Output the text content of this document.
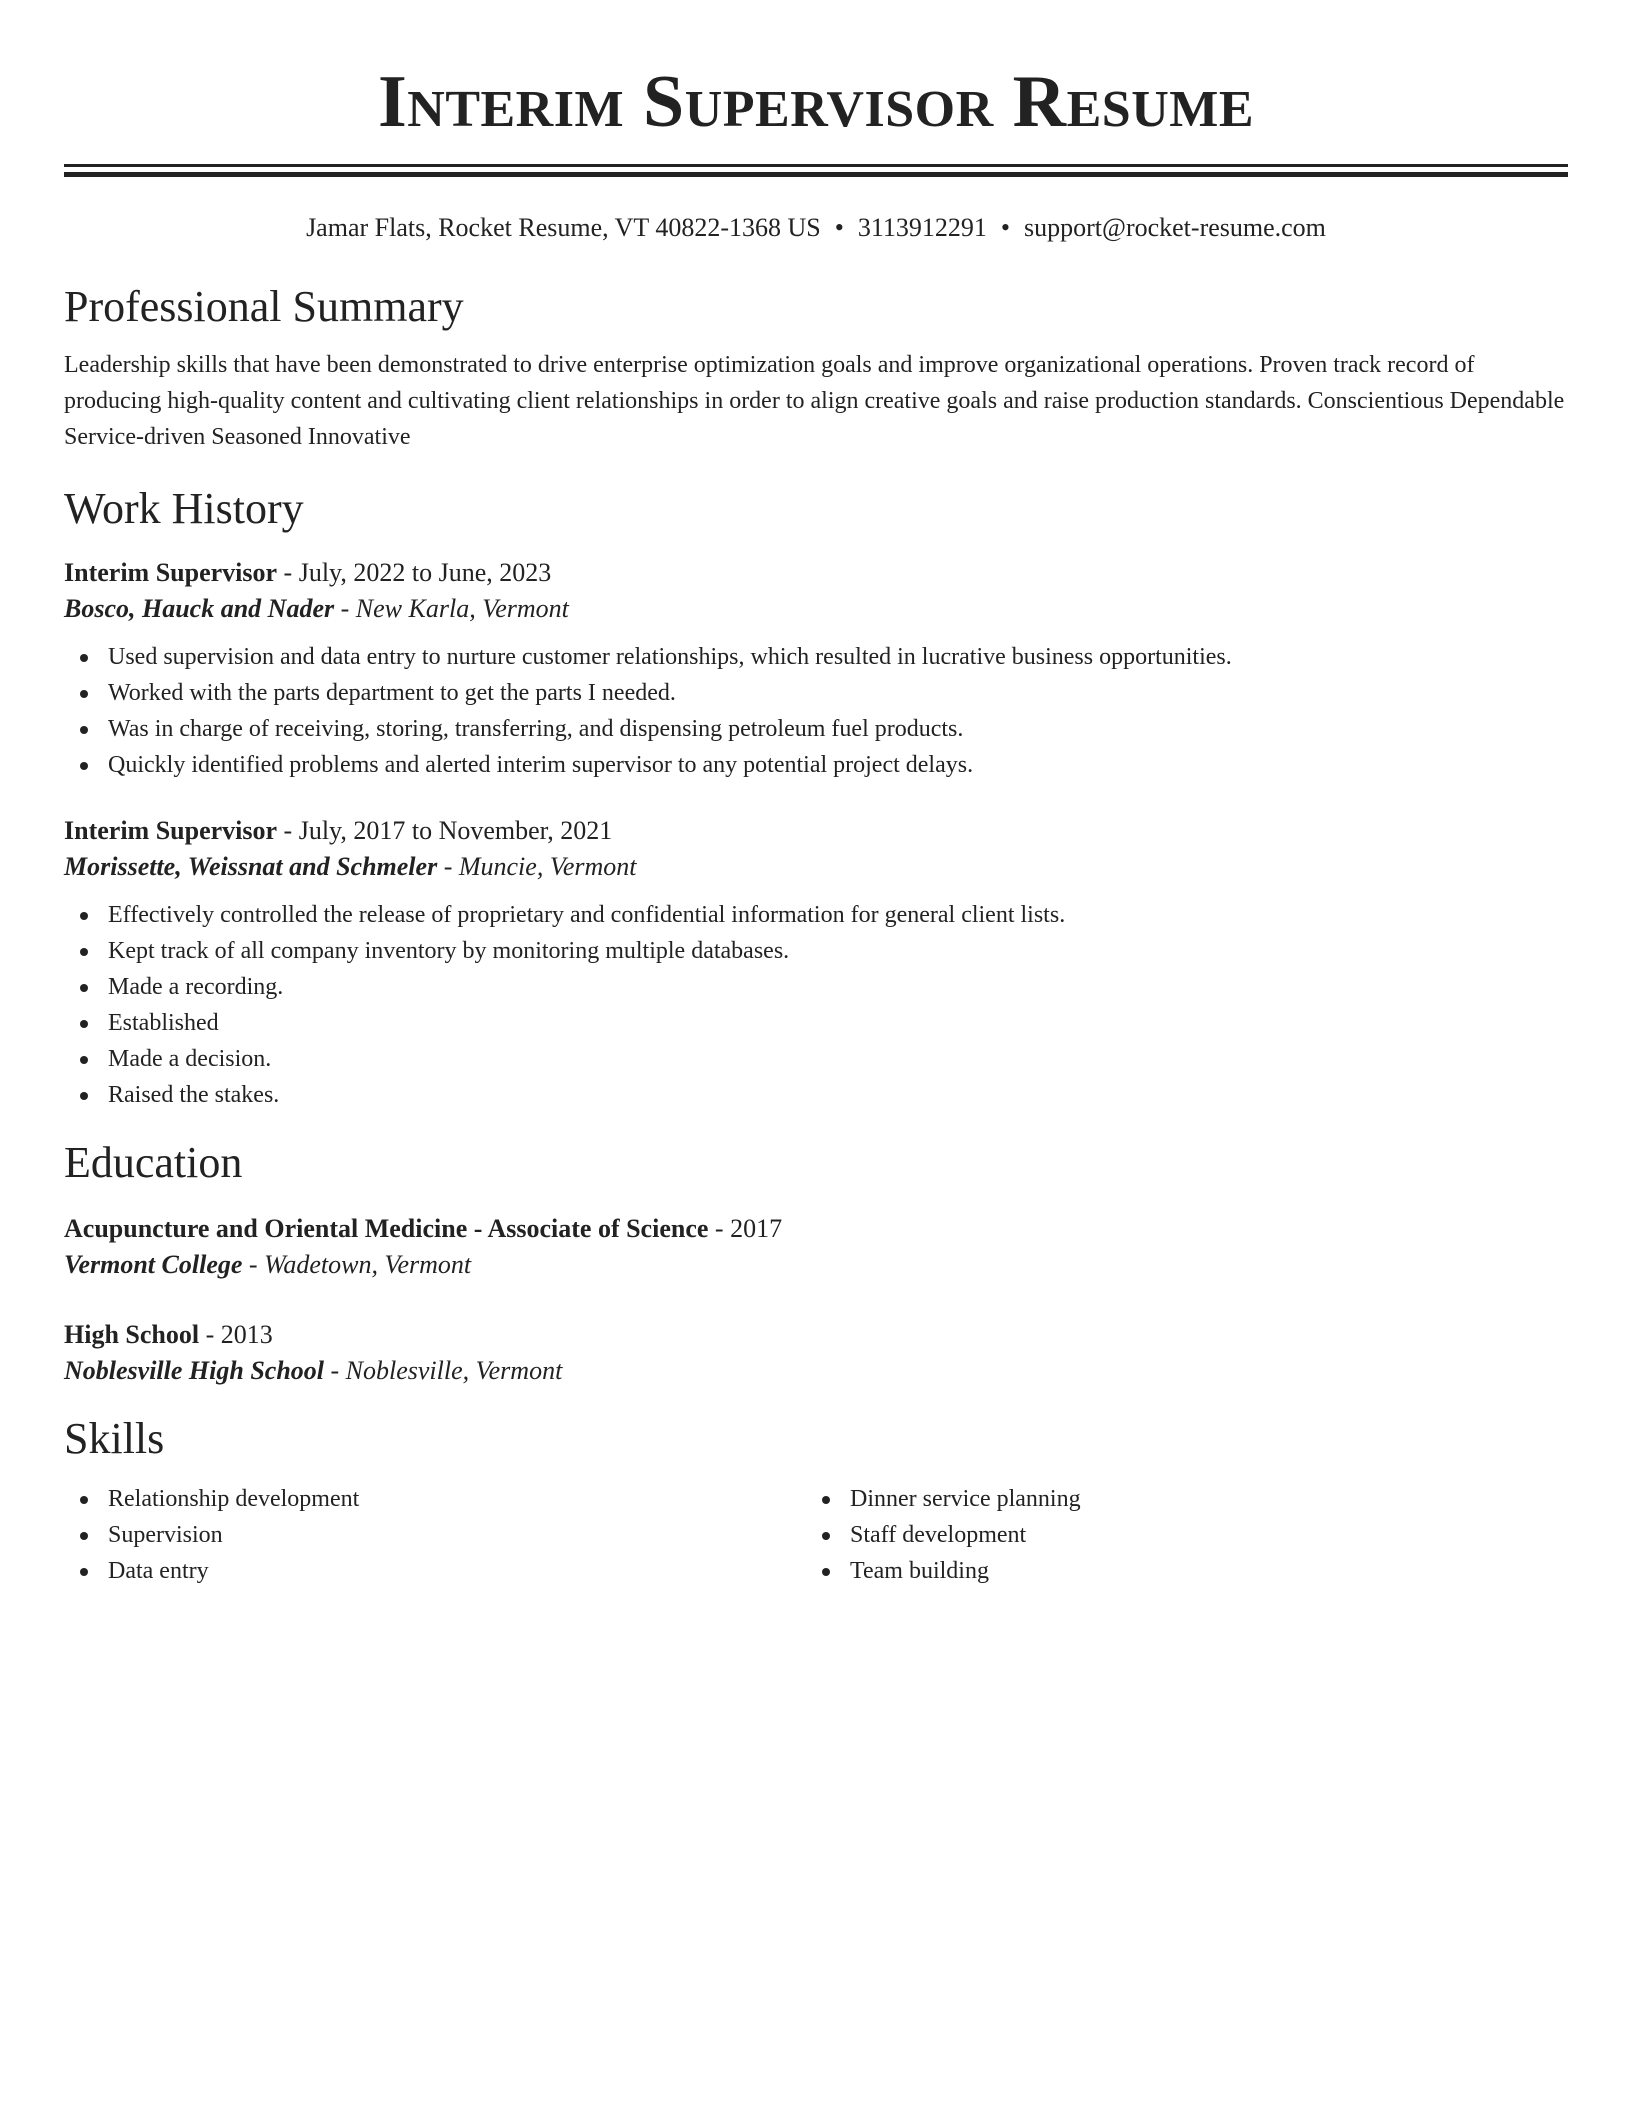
Interim Supervisor Resume
Jamar Flats, Rocket Resume, VT 40822-1368 US • 3113912291 • support@rocket-resume.com
Professional Summary

Leadership skills that have been demonstrated to drive enterprise optimization goals and improve organizational operations. Proven track record of producing high-quality content and cultivating client relationships in order to align creative goals and raise production standards. Conscientious Dependable Service-driven Seasoned Innovative

Work History
Interim Supervisor - July, 2022 to June, 2023
Bosco, Hauck and Nader - New Karla, Vermont
Used supervision and data entry to nurture customer relationships, which resulted in lucrative business opportunities.
Worked with the parts department to get the parts I needed.
Was in charge of receiving, storing, transferring, and dispensing petroleum fuel products.
Quickly identified problems and alerted interim supervisor to any potential project delays.
Interim Supervisor - July, 2017 to November, 2021
Morissette, Weissnat and Schmeler - Muncie, Vermont
Effectively controlled the release of proprietary and confidential information for general client lists.
Kept track of all company inventory by monitoring multiple databases.
Made a recording.
Established
Made a decision.
Raised the stakes.
Education
Acupuncture and Oriental Medicine - Associate of Science - 2017
Vermont College - Wadetown, Vermont
High School - 2013
Noblesville High School - Noblesville, Vermont
Skills
Relationship development
Supervision
Data entry
Dinner service planning
Staff development
Team building
